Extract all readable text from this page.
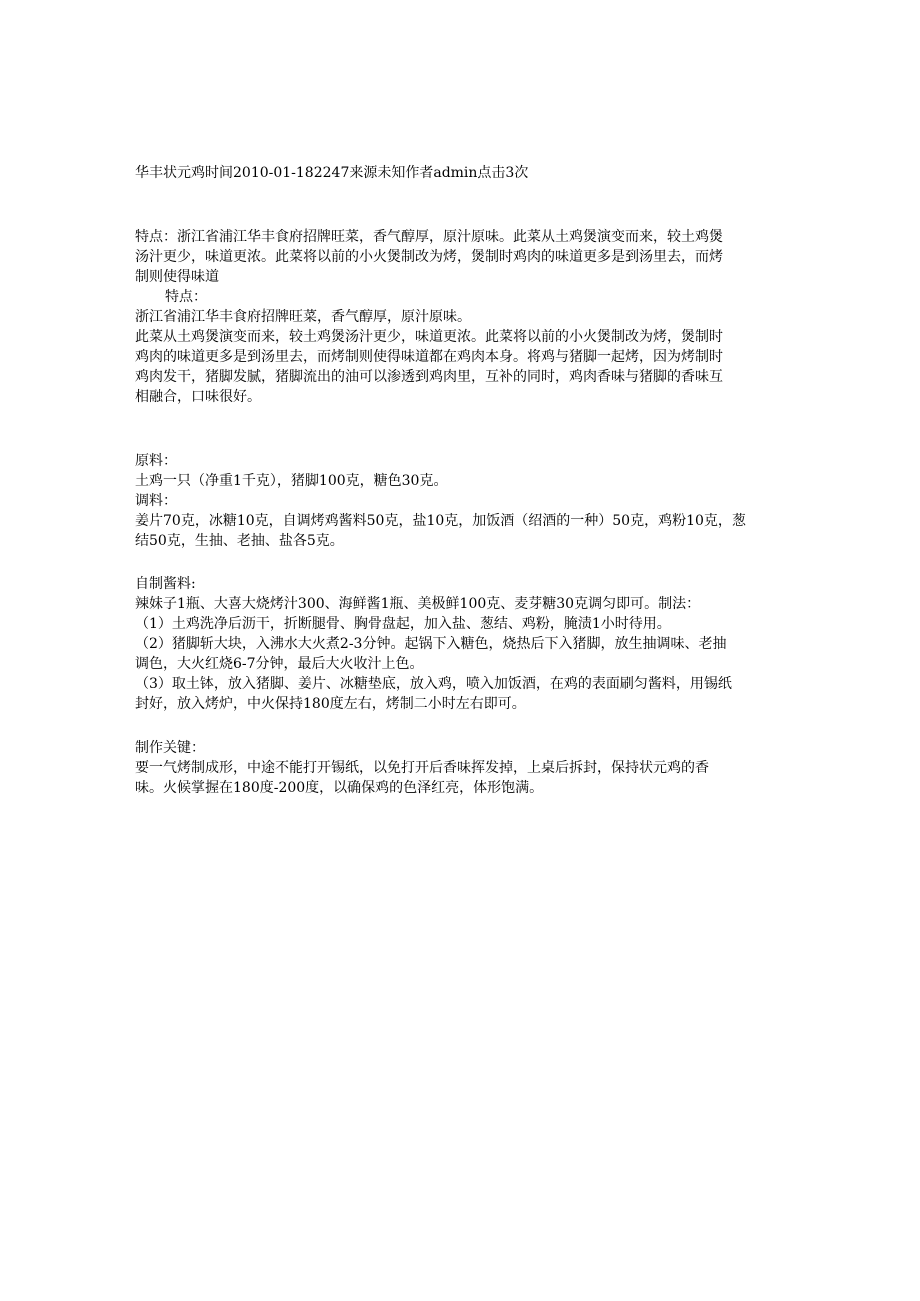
华丰状元鸡时间2010-01-182247来源未知作者admin点击3次
特点：浙江省浦江华丰食府招牌旺菜，香气醇厚，原汁原味。此菜从土鸡煲演变而来，较土鸡煲
汤汁更少，味道更浓。此菜将以前的小火煲制改为烤，煲制时鸡肉的味道更多是到汤里去，而烤
制则使得味道
特点：
浙江省浦江华丰食府招牌旺菜，香气醇厚，原汁原味。
此菜从土鸡煲演变而来，较土鸡煲汤汁更少，味道更浓。此菜将以前的小火煲制改为烤，煲制时
鸡肉的味道更多是到汤里去，而烤制则使得味道都在鸡肉本身。将鸡与猪脚一起烤，因为烤制时
鸡肉发干，猪脚发腻，猪脚流出的油可以渗透到鸡肉里，互补的同时，鸡肉香味与猪脚的香味互
相融合，口味很好。
原料：
土鸡一只（净重1千克），猪脚100克，糖色30克。
调料：
姜片70克，冰糖10克，自调烤鸡酱料50克，盐10克，加饭酒（绍酒的一种）50克，鸡粉10克，葱
结50克，生抽、老抽、盐各5克。
自制酱料:
辣妹子1瓶、大喜大烧烤汁300、海鲜酱1瓶、美极鲜100克、麦芽糖30克调匀即可。制法：
（1）土鸡洗净后沥干，折断腿骨、胸骨盘起，加入盐、葱结、鸡粉，腌渍1小时待用。
（2）猪脚斩大块，入沸水大火煮2-3分钟。起锅下入糖色，烧热后下入猪脚，放生抽调味、老抽
调色，大火红烧6-7分钟，最后大火收汁上色。
（3）取土钵，放入猪脚、姜片、冰糖垫底，放入鸡，喷入加饭酒，在鸡的表面刷匀酱料，用锡纸
封好，放入烤炉，中火保持180度左右，烤制二小时左右即可。
制作关键：
要一气烤制成形，中途不能打开锡纸，以免打开后香味挥发掉，上桌后拆封，保持状元鸡的香
味。火候掌握在180度-200度，以确保鸡的色泽红亮，体形饱满。
